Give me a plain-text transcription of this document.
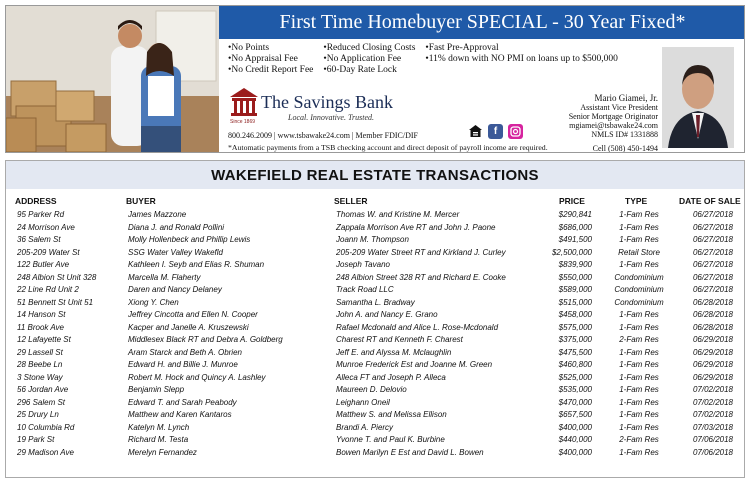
First Time Homebuyer SPECIAL - 30 Year Fixed*
• No Points
• No Appraisal Fee
• No Credit Report Fee
• Reduced Closing Costs
• No Application Fee
• 60-Day Rate Lock
• Fast Pre-Approval
• 11% down with NO PMI on loans up to $500,000
Since 1869
The Savings Bank
Local. Innovative. Trusted.
800.246.2009 | www.tsbawake24.com | Member FDIC/DIF
*Automatic payments from a TSB checking account and direct deposit of payroll income are required.
f
Mario Giamei, Jr.
Assistant Vice President
Senior Mortgage Originator
mgiamei@tsbawake24.com
NMLS ID# 1331888
Cell (508) 450-1494
WAKEFIELD REAL ESTATE TRANSACTIONS
ADDRESS	BUYER	SELLER	PRICE	TYPE	DATE OF SALE
95 Parker Rd	James Mazzone	Thomas W. and Kristine M. Mercer	$290,841	1-Fam Res	06/27/2018
24 Morrison Ave	Diana J. and Ronald Pollini	Zappala Morrison Ave RT and John J. Paone	$686,000	1-Fam Res	06/27/2018
36 Salem St	Molly Hollenbeck and Phillip Lewis	Joann M. Thompson	$491,500	1-Fam Res	06/27/2018
205-209 Water St	SSG Water Valley Wakefld	205-209 Water Street RT and Kirkland J. Curley	$2,500,000	Retail Store	06/27/2018
122 Butler Ave	Kathleen I. Seyb and Elias R. Shuman	Joseph Tavano	$839,900	1-Fam Res	06/27/2018
248 Albion St Unit 328	Marcella M. Flaherty	248 Albion Street 328 RT and Richard E. Cooke	$550,000	Condominium	06/27/2018
22 Line Rd Unit 2	Daren and Nancy Delaney	Track Road LLC	$589,000	Condominium	06/27/2018
51 Bennett St Unit 51	Xiong Y. Chen	Samantha L. Bradway	$515,000	Condominium	06/28/2018
14 Hanson St	Jeffrey Cincotta and Ellen N. Cooper	John A. and Nancy E. Grano	$458,000	1-Fam Res	06/28/2018
11 Brook Ave	Kacper and Janelle A. Kruszewski	Rafael Mcdonald and Alice L. Rose-Mcdonald	$575,000	1-Fam Res	06/28/2018
12 Lafayette St	Middlesex Black RT and Debra A. Goldberg	Charest RT and Kenneth F. Charest	$375,000	2-Fam Res	06/29/2018
29 Lassell St	Aram Starck and Beth A. Obrien	Jeff E. and Alyssa M. Mclaughlin	$475,500	1-Fam Res	06/29/2018
28 Beebe Ln	Edward H. and Billie J. Munroe	Munroe Frederick Est and Joanne M. Green	$460,800	1-Fam Res	06/29/2018
3 Stone Way	Robert M. Hock and Quincy A. Lashley	Alleca FT and Joseph P. Alleca	$525,000	1-Fam Res	06/29/2018
56 Jordan Ave	Benjamin Slepp	Maureen D. Delovio	$535,000	1-Fam Res	07/02/2018
296 Salem St	Edward T. and Sarah Peabody	Leighann Oneil	$470,000	1-Fam Res	07/02/2018
25 Drury Ln	Matthew and Karen Kantaros	Matthew S. and Melissa Ellison	$657,500	1-Fam Res	07/02/2018
10 Columbia Rd	Katelyn M. Lynch	Brandi A. Piercy	$400,000	1-Fam Res	07/03/2018
19 Park St	Richard M. Testa	Yvonne T. and Paul K. Burbine	$440,000	2-Fam Res	07/06/2018
29 Madison Ave	Merelyn Fernandez	Bowen Marilyn E Est and David L. Bowen	$400,000	1-Fam Res	07/06/2018
